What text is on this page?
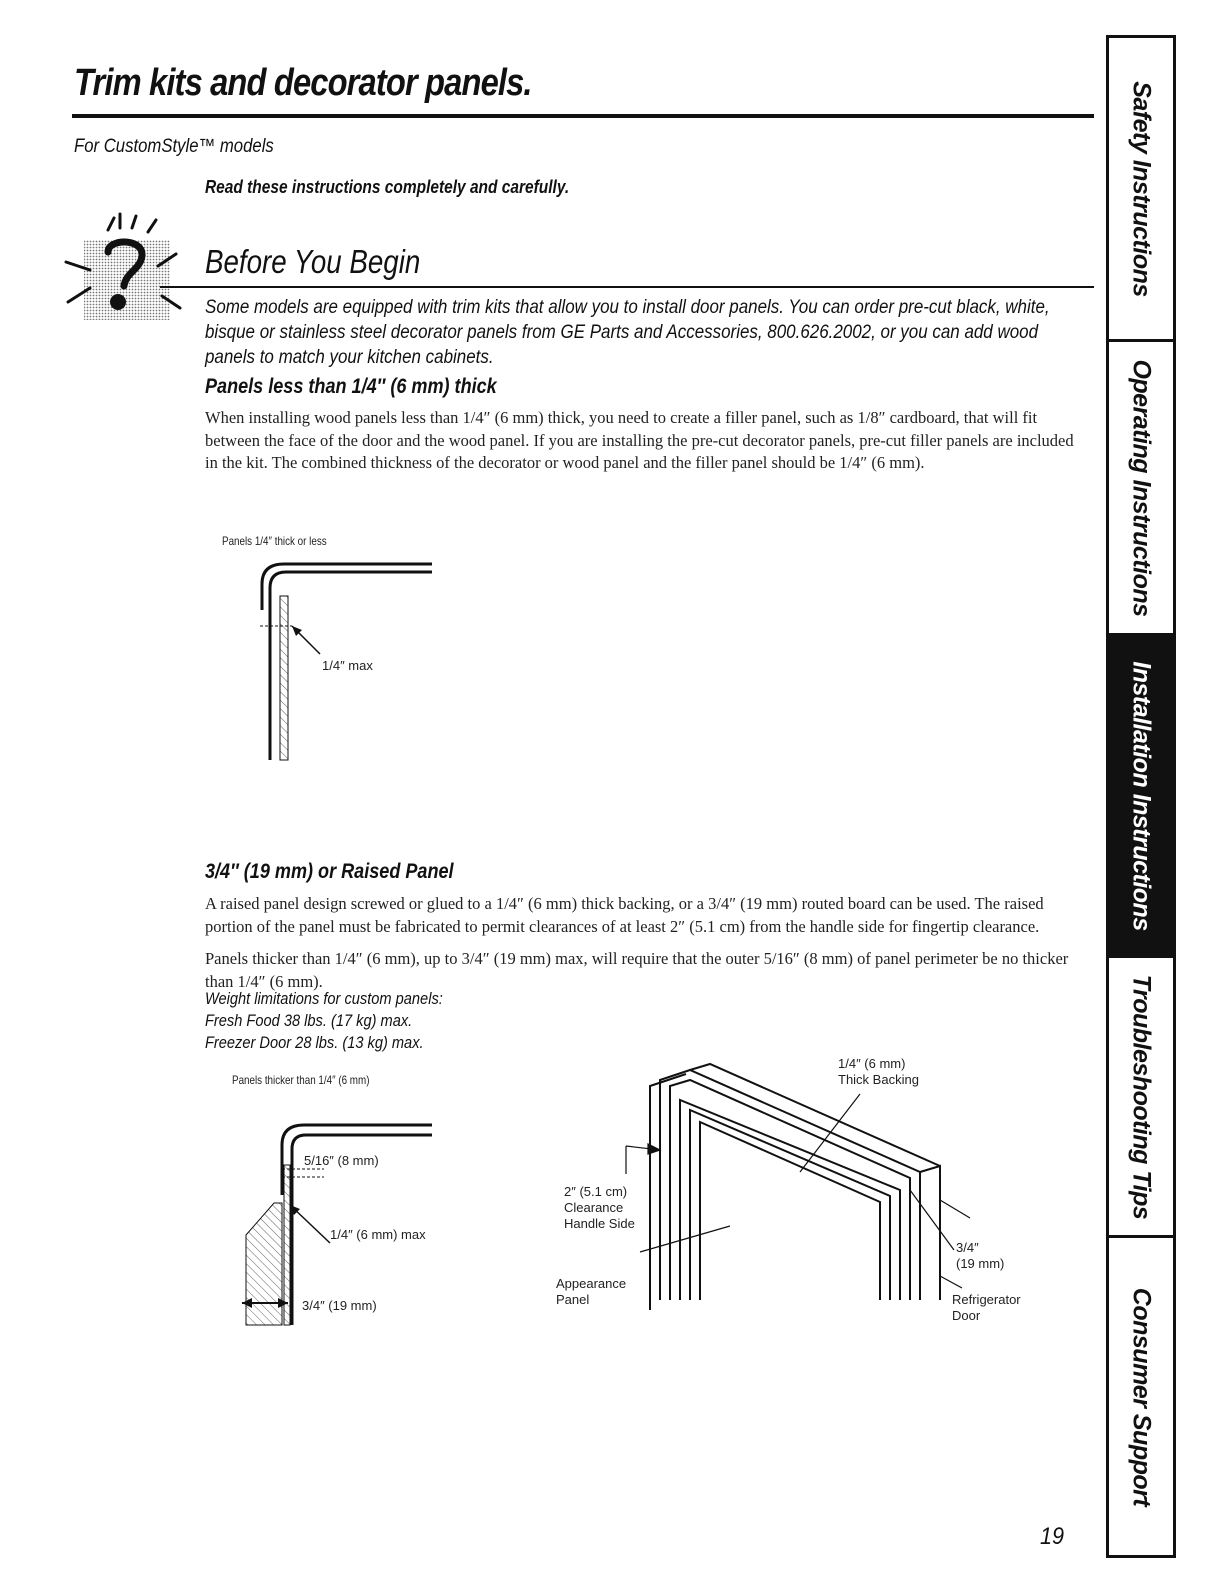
Trim kits and decorator panels.
For CustomStyle™ models
Read these instructions completely and carefully.
Before You Begin
Some models are equipped with trim kits that allow you to install door panels. You can order pre-cut black, white, bisque or stainless steel decorator panels from GE Parts and Accessories, 800.626.2002, or you can add wood panels to match your kitchen cabinets.
Panels less than 1/4″ (6 mm) thick
When installing wood panels less than 1/4″ (6 mm) thick, you need to create a filler panel, such as 1/8″ cardboard, that will fit between the face of the door and the wood panel. If you are installing the pre-cut decorator panels, pre-cut filler panels are included in the kit. The combined thickness of the decorator or wood panel and the filler panel should be 1/4″ (6 mm).
Panels 1/4″ thick or less
1/4″ max
3/4″ (19 mm) or Raised Panel
A raised panel design screwed or glued to a 1/4″ (6 mm) thick backing, or a 3/4″ (19 mm) routed board can be used. The raised portion of the panel must be fabricated to permit clearances of at least 2″ (5.1 cm) from the handle side for fingertip clearance.
Panels thicker than 1/4″ (6 mm), up to 3/4″ (19 mm) max, will require that the outer 5/16″ (8 mm) of panel perimeter be no thicker than 1/4″ (6 mm).
Weight limitations for custom panels:
Fresh Food 38 lbs. (17 kg) max.
Freezer Door 28 lbs. (13 kg) max.
Panels thicker than 1/4″ (6 mm)
5/16″ (8 mm)
1/4″ (6 mm) max
3/4″ (19 mm)
1/4″ (6 mm)
Thick Backing
2″ (5.1 cm)
Clearance
Handle Side
Appearance
Panel
3/4″
(19 mm)
Refrigerator
Door
Safety Instructions
Operating Instructions
Installation Instructions
Troubleshooting Tips
Consumer Support
19
